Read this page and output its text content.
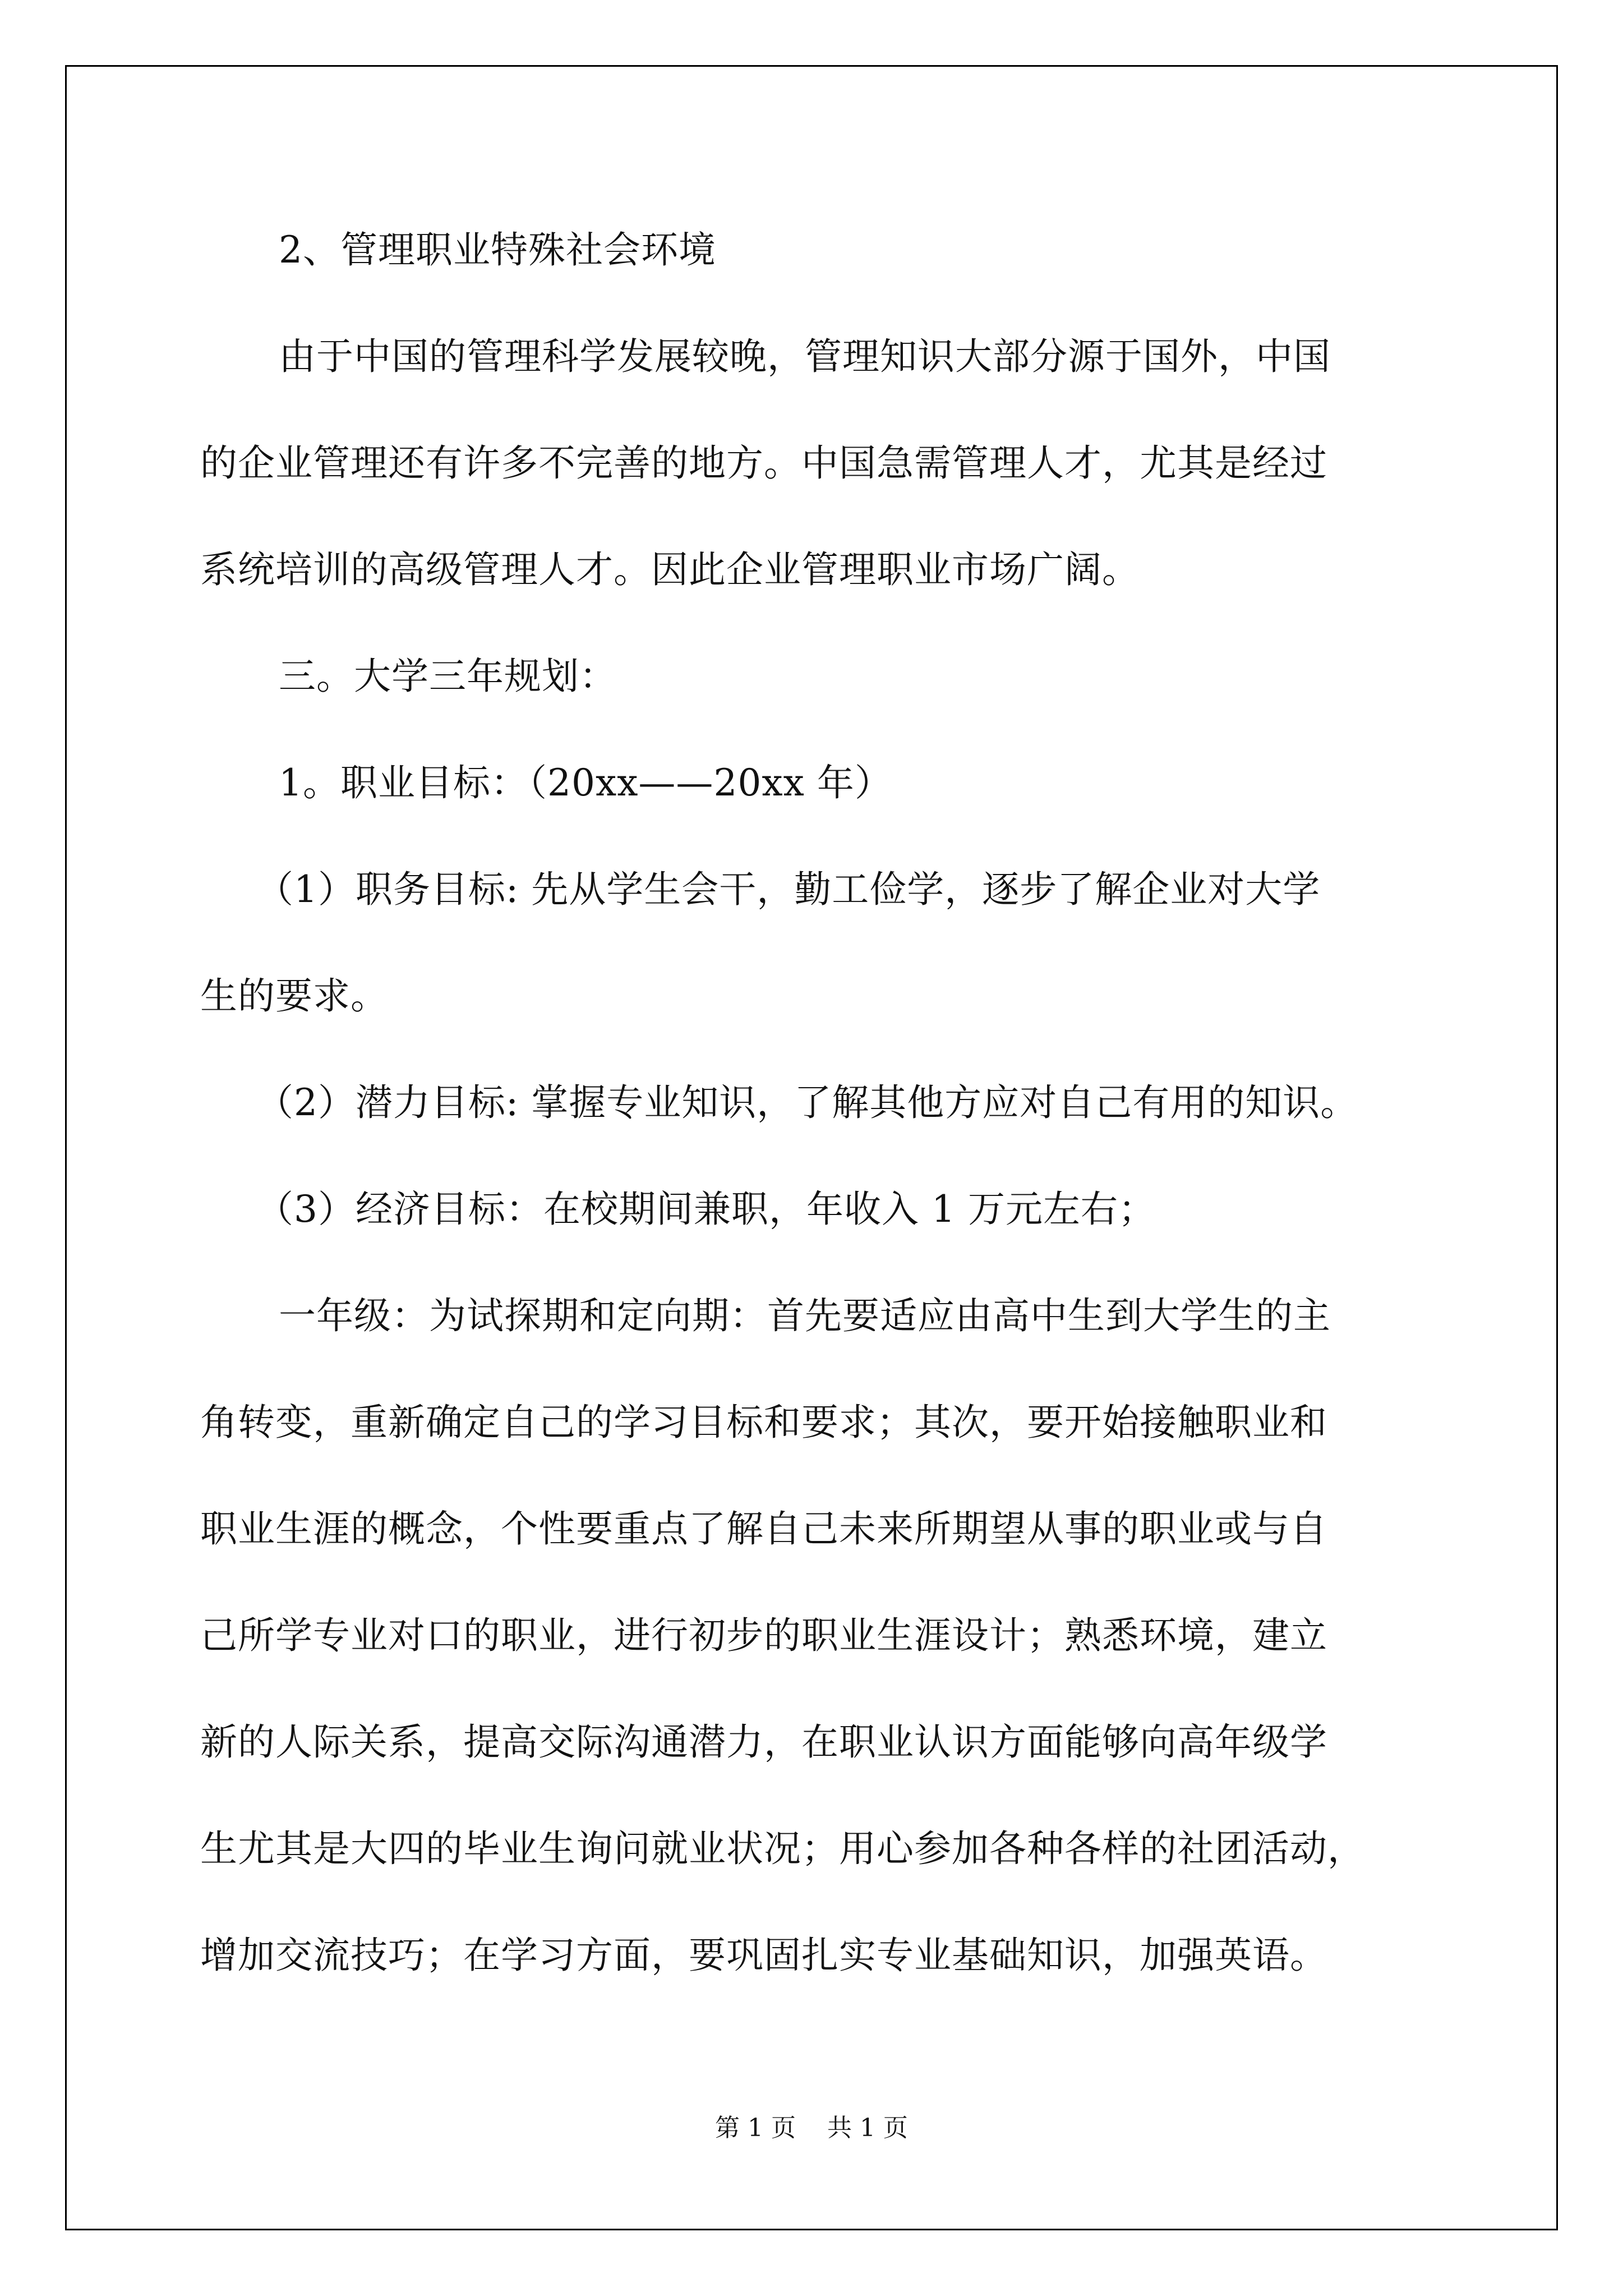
2、管理职业特殊社会环境
由于中国的管理科学发展较晚，管理知识大部分源于国外，中国
的企业管理还有许多不完善的地方。中国急需管理人才，尤其是经过
系统培训的高级管理人才。因此企业管理职业市场广阔。
三。大学三年规划：
1。职业目标：（20xx——20xx 年）
（1）职务目标: 先从学生会干，勤工俭学，逐步了解企业对大学
生的要求。
（2）潜力目标: 掌握专业知识，了解其他方应对自己有用的知识。
（3）经济目标：在校期间兼职，年收入 1 万元左右；
一年级：为试探期和定向期：首先要适应由高中生到大学生的主
角转变，重新确定自己的学习目标和要求；其次，要开始接触职业和
职业生涯的概念，个性要重点了解自己未来所期望从事的职业或与自
己所学专业对口的职业，进行初步的职业生涯设计；熟悉环境，建立
新的人际关系，提高交际沟通潜力，在职业认识方面能够向高年级学
生尤其是大四的毕业生询问就业状况；用心参加各种各样的社团活动，
增加交流技巧；在学习方面，要巩固扎实专业基础知识，加强英语。
第 1 页    共 1 页
